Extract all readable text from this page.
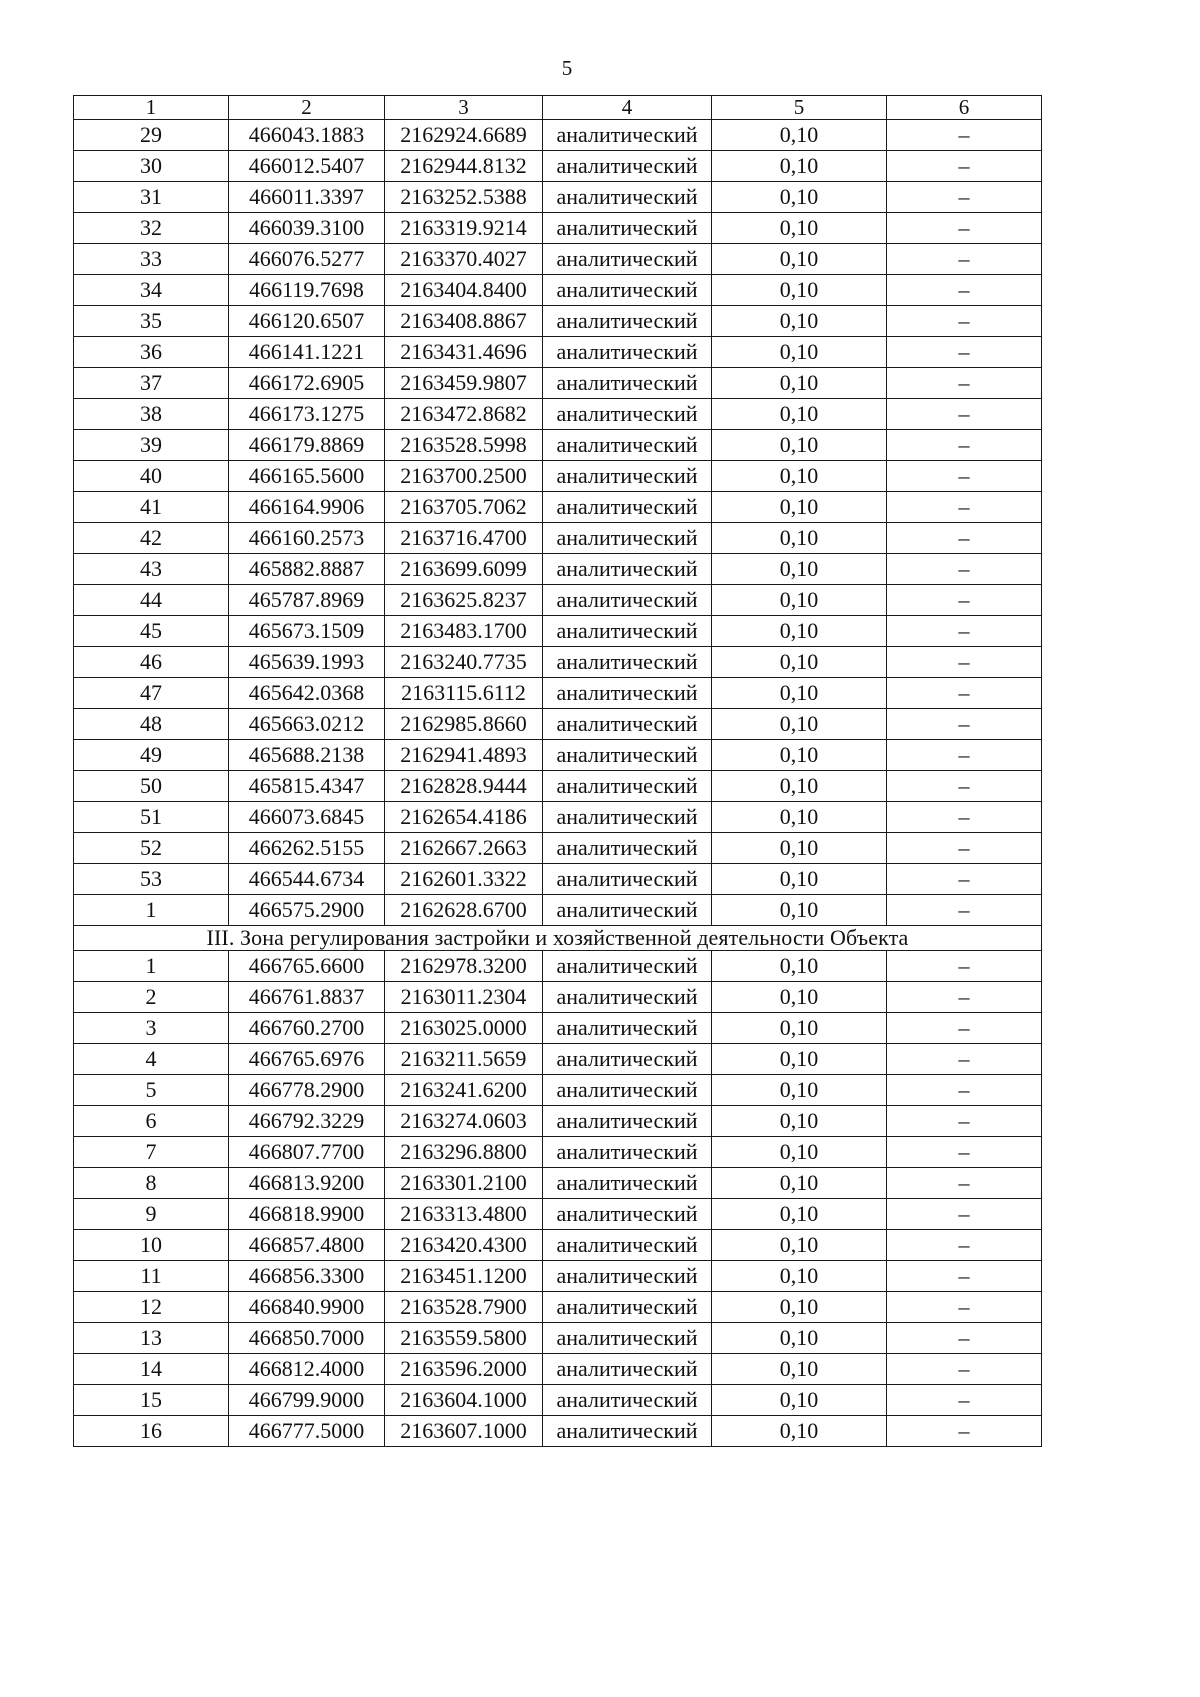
5
1	2	3	4	5	6
29	466043.1883	2162924.6689	аналитический	0,10	–
30	466012.5407	2162944.8132	аналитический	0,10	–
31	466011.3397	2163252.5388	аналитический	0,10	–
32	466039.3100	2163319.9214	аналитический	0,10	–
33	466076.5277	2163370.4027	аналитический	0,10	–
34	466119.7698	2163404.8400	аналитический	0,10	–
35	466120.6507	2163408.8867	аналитический	0,10	–
36	466141.1221	2163431.4696	аналитический	0,10	–
37	466172.6905	2163459.9807	аналитический	0,10	–
38	466173.1275	2163472.8682	аналитический	0,10	–
39	466179.8869	2163528.5998	аналитический	0,10	–
40	466165.5600	2163700.2500	аналитический	0,10	–
41	466164.9906	2163705.7062	аналитический	0,10	–
42	466160.2573	2163716.4700	аналитический	0,10	–
43	465882.8887	2163699.6099	аналитический	0,10	–
44	465787.8969	2163625.8237	аналитический	0,10	–
45	465673.1509	2163483.1700	аналитический	0,10	–
46	465639.1993	2163240.7735	аналитический	0,10	–
47	465642.0368	2163115.6112	аналитический	0,10	–
48	465663.0212	2162985.8660	аналитический	0,10	–
49	465688.2138	2162941.4893	аналитический	0,10	–
50	465815.4347	2162828.9444	аналитический	0,10	–
51	466073.6845	2162654.4186	аналитический	0,10	–
52	466262.5155	2162667.2663	аналитический	0,10	–
53	466544.6734	2162601.3322	аналитический	0,10	–
1	466575.2900	2162628.6700	аналитический	0,10	–
III. Зона регулирования застройки и хозяйственной деятельности Объекта					
1	466765.6600	2162978.3200	аналитический	0,10	–
2	466761.8837	2163011.2304	аналитический	0,10	–
3	466760.2700	2163025.0000	аналитический	0,10	–
4	466765.6976	2163211.5659	аналитический	0,10	–
5	466778.2900	2163241.6200	аналитический	0,10	–
6	466792.3229	2163274.0603	аналитический	0,10	–
7	466807.7700	2163296.8800	аналитический	0,10	–
8	466813.9200	2163301.2100	аналитический	0,10	–
9	466818.9900	2163313.4800	аналитический	0,10	–
10	466857.4800	2163420.4300	аналитический	0,10	–
11	466856.3300	2163451.1200	аналитический	0,10	–
12	466840.9900	2163528.7900	аналитический	0,10	–
13	466850.7000	2163559.5800	аналитический	0,10	–
14	466812.4000	2163596.2000	аналитический	0,10	–
15	466799.9000	2163604.1000	аналитический	0,10	–
16	466777.5000	2163607.1000	аналитический	0,10	–
